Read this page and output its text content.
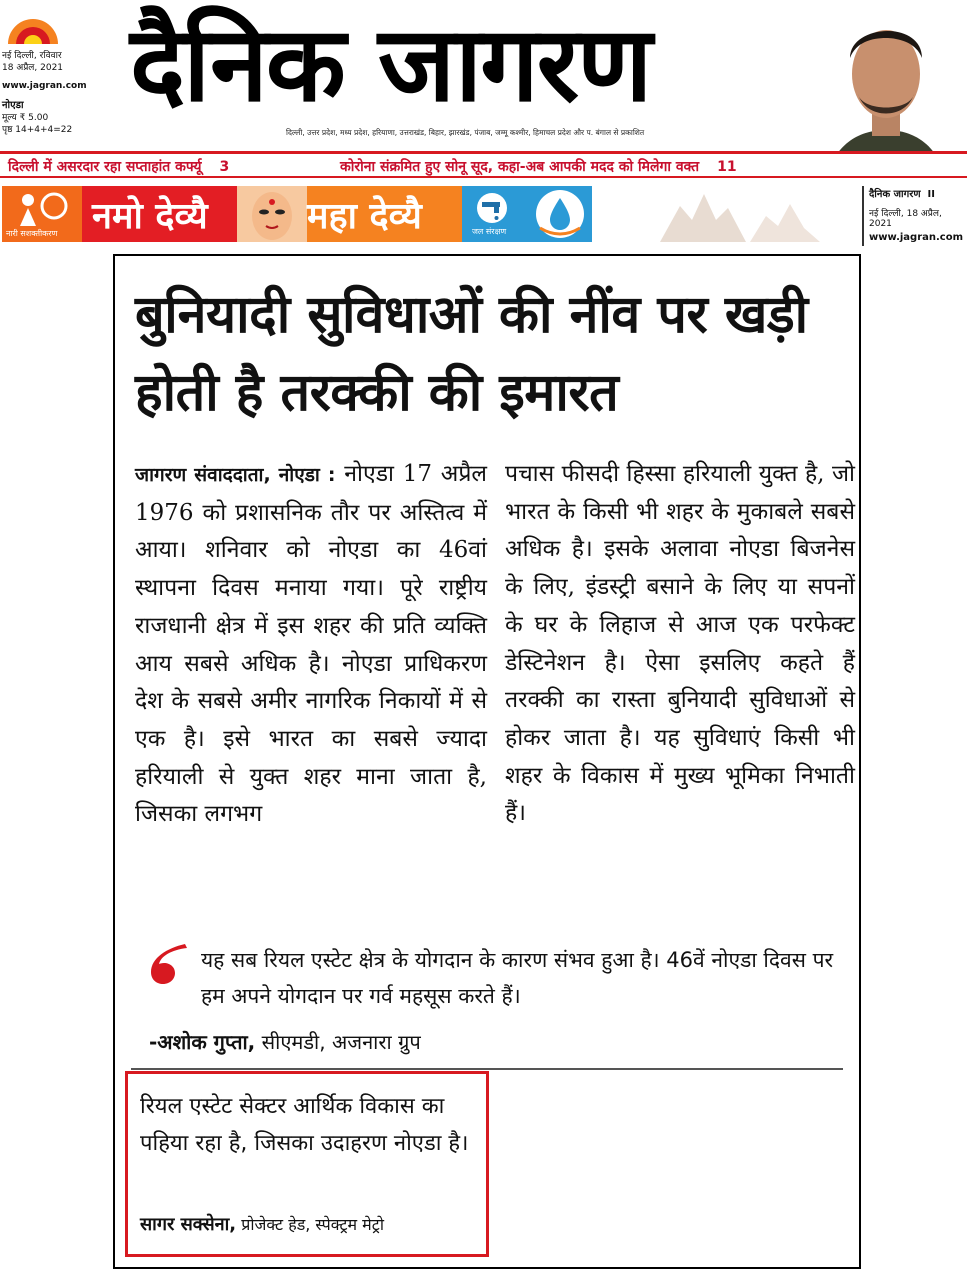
नई दिल्ली, रविवार
18 अप्रैल, 2021
www.jagran.com
नोएडा
मूल्य ₹ 5.00
पृष्ठ 14+4+4=22
दैनिक जागरण
दिल्ली, उत्तर प्रदेश, मध्य प्रदेश, हरियाणा, उत्तराखंड, बिहार, झारखंड, पंजाब, जम्मू कश्मीर, हिमाचल प्रदेश और प. बंगाल से प्रकाशित
दिल्ली में असरदार रहा सप्ताहांत कर्फ्यू 3	कोरोना संक्रमित हुए सोनू सूद, कहा-अब आपकी मदद को मिलेगा वक्त 11
नारी सशक्तीकरण नमो देव्यै	महा देव्यै	जल संरक्षण
दैनिक जागरण II
नई दिल्ली, 18 अप्रैल, 2021
www.jagran.com
बुनियादी सुविधाओं की नींव पर खड़ी होती है तरक्की की इमारत
जागरण संवाददाता, नोएडा : नोएडा 17 अप्रैल 1976 को प्रशासनिक तौर पर अस्तित्व में आया। शनिवार को नोएडा का 46वां स्थापना दिवस मनाया गया। पूरे राष्ट्रीय राजधानी क्षेत्र में इस शहर की प्रति व्यक्ति आय सबसे अधिक है। नोएडा प्राधिकरण देश के सबसे अमीर नागरिक निकायों में से एक है। इसे भारत का सबसे ज्यादा हरियाली से युक्त शहर माना जाता है, जिसका लगभग
पचास फीसदी हिस्सा हरियाली युक्त है, जो भारत के किसी भी शहर के मुकाबले सबसे अधिक है। इसके अलावा नोएडा बिजनेस के लिए, इंडस्ट्री बसाने के लिए या सपनों के घर के लिहाज से आज एक परफेक्ट डेस्टिनेशन है। ऐसा इसलिए कहते हैं तरक्की का रास्ता बुनियादी सुविधाओं से होकर जाता है। यह सुविधाएं किसी भी शहर के विकास में मुख्य भूमिका निभाती हैं।
यह सब रियल एस्टेट क्षेत्र के योगदान के कारण संभव हुआ है। 46वें नोएडा दिवस पर हम अपने योगदान पर गर्व महसूस करते हैं।
-अशोक गुप्ता, सीएमडी, अजनारा ग्रुप
रियल एस्टेट सेक्टर आर्थिक विकास का पहिया रहा है, जिसका उदाहरण नोएडा है।
सागर सक्सेना, प्रोजेक्ट हेड, स्पेक्ट्रम मेट्रो
